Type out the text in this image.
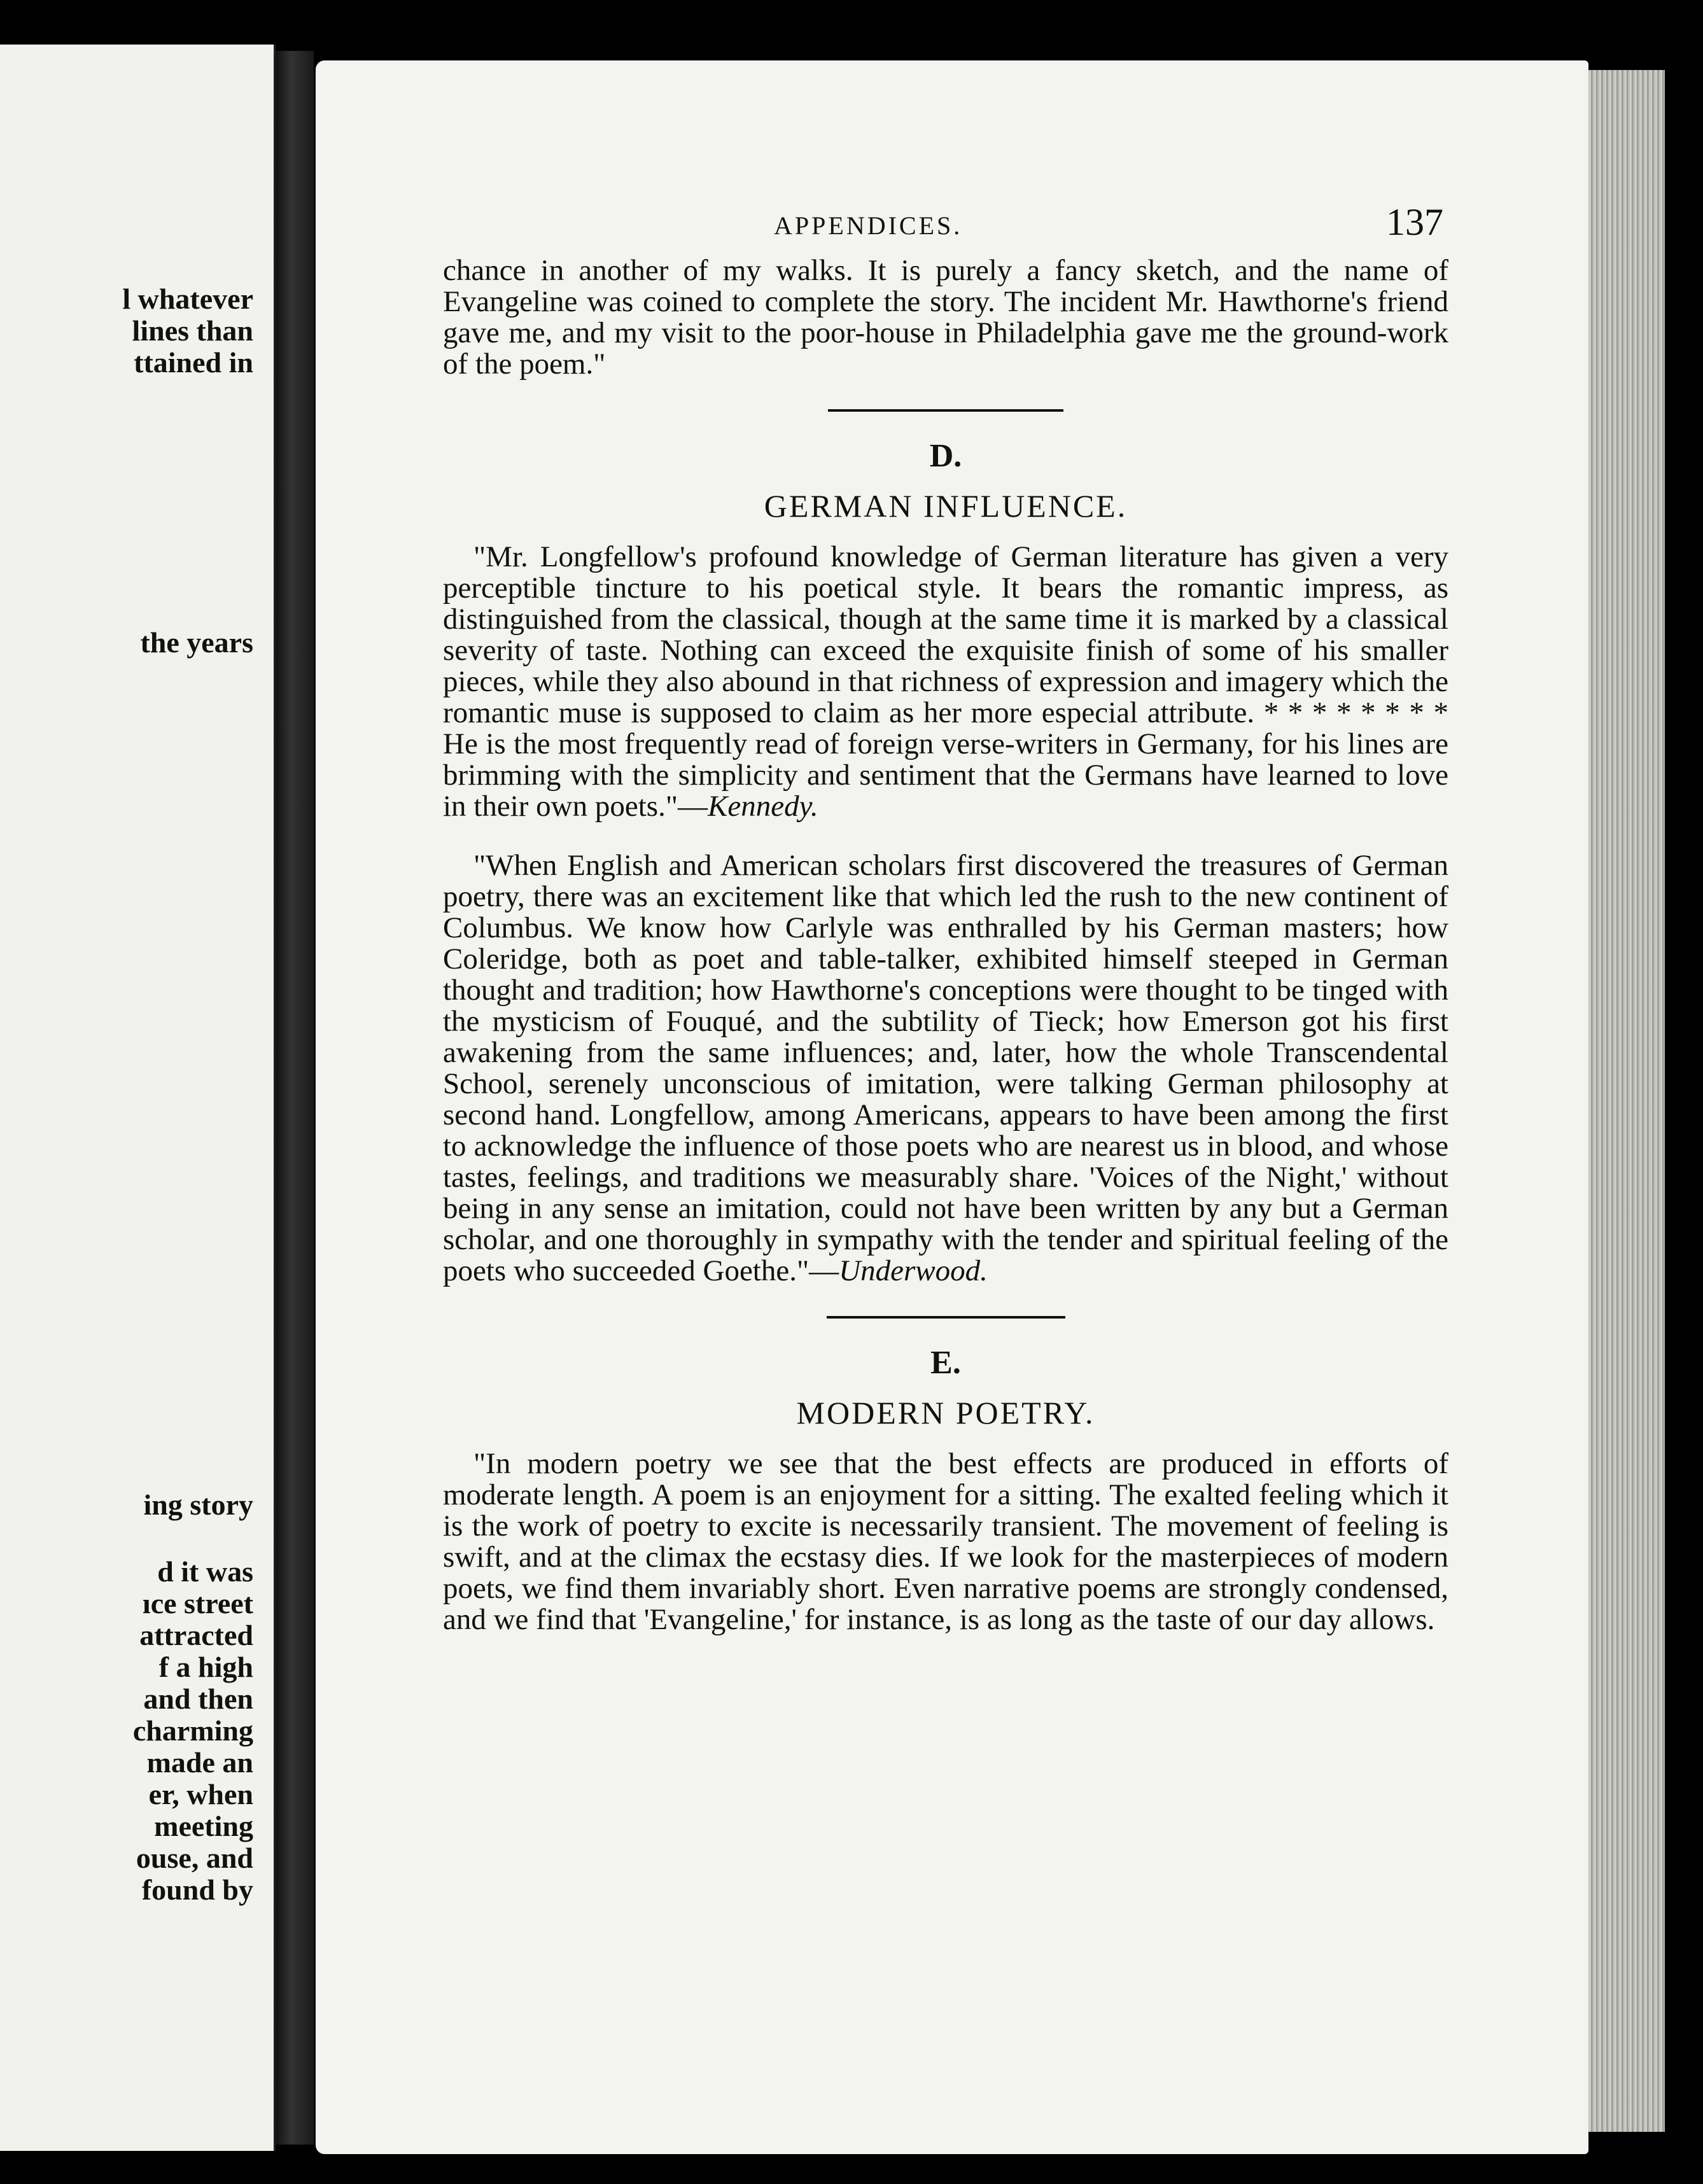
l whatever
lines than
ttained in
the years
ing story
d it was
ıce street
attracted
f a high
and then
charming
made an
er, when
meeting
ouse, and
found by
APPENDICES.	137

chance in another of my walks. It is purely a fancy sketch, and the name of Evangeline was coined to complete the story. The incident Mr. Hawthorne's friend gave me, and my visit to the poor-house in Philadelphia gave me the ground-work of the poem."

D.
GERMAN INFLUENCE.

"Mr. Longfellow's profound knowledge of German literature has given a very perceptible tincture to his poetical style. It bears the romantic impress, as distinguished from the classical, though at the same time it is marked by a classical severity of taste. Nothing can exceed the exquisite finish of some of his smaller pieces, while they also abound in that richness of expression and imagery which the romantic muse is supposed to claim as her more especial attribute. * * * * * * * * He is the most frequently read of foreign verse-writers in Germany, for his lines are brimming with the simplicity and sentiment that the Germans have learned to love in their own poets."—Kennedy.

"When English and American scholars first discovered the treasures of German poetry, there was an excitement like that which led the rush to the new continent of Columbus. We know how Carlyle was enthralled by his German masters; how Coleridge, both as poet and table-talker, exhibited himself steeped in German thought and tradition; how Hawthorne's conceptions were thought to be tinged with the mysticism of Fouqué, and the subtility of Tieck; how Emerson got his first awakening from the same influences; and, later, how the whole Transcendental School, serenely unconscious of imitation, were talking German philosophy at second hand. Longfellow, among Americans, appears to have been among the first to acknowledge the influence of those poets who are nearest us in blood, and whose tastes, feelings, and traditions we measurably share. 'Voices of the Night,' without being in any sense an imitation, could not have been written by any but a German scholar, and one thoroughly in sympathy with the tender and spiritual feeling of the poets who succeeded Goethe."—Underwood.

E.
MODERN POETRY.

"In modern poetry we see that the best effects are produced in efforts of moderate length. A poem is an enjoyment for a sitting. The exalted feeling which it is the work of poetry to excite is necessarily transient. The movement of feeling is swift, and at the climax the ecstasy dies. If we look for the masterpieces of modern poets, we find them invariably short. Even narrative poems are strongly condensed, and we find that 'Evangeline,' for instance, is as long as the taste of our day allows.
